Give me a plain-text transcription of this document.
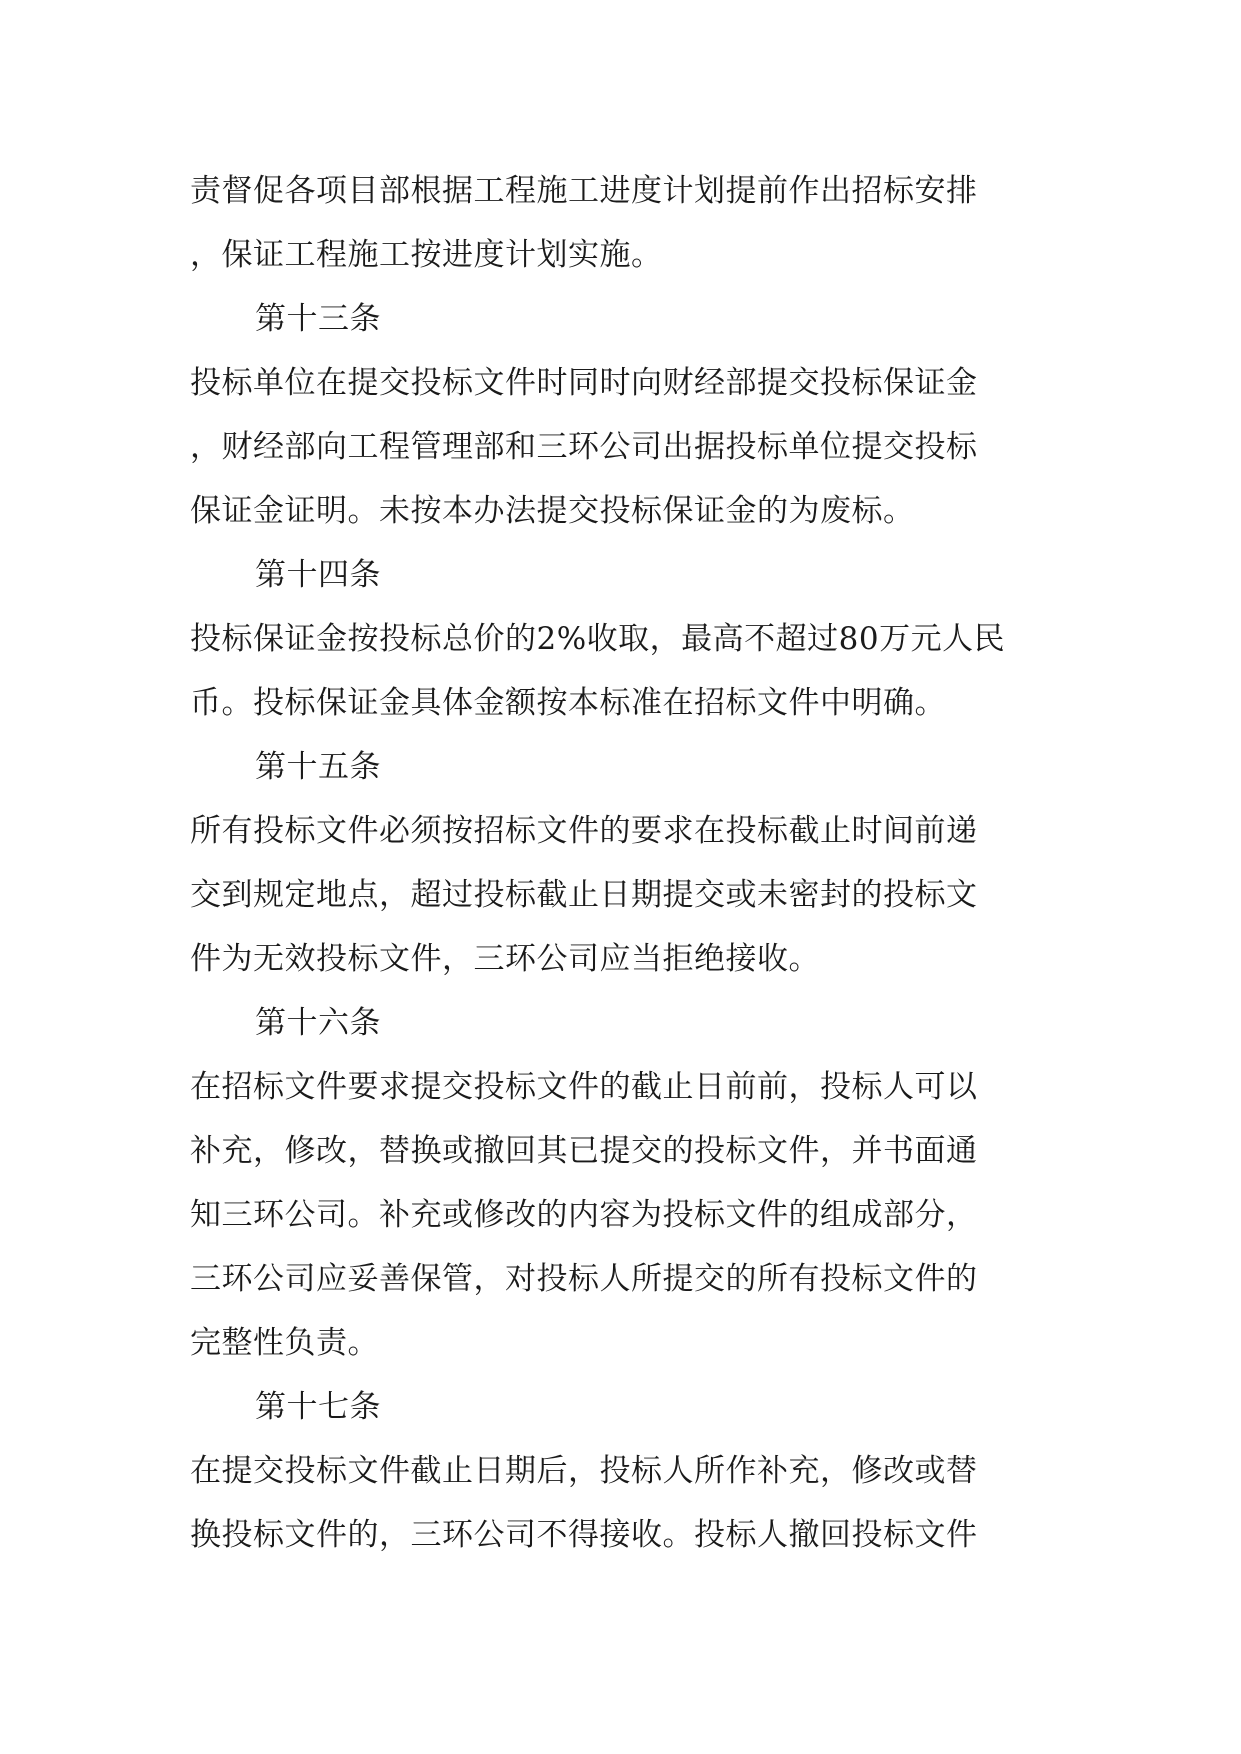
责督促各项目部根据工程施工进度计划提前作出招标安排
，保证工程施工按进度计划实施。
第十三条
投标单位在提交投标文件时同时向财经部提交投标保证金
，财经部向工程管理部和三环公司出据投标单位提交投标
保证金证明。未按本办法提交投标保证金的为废标。
第十四条
投标保证金按投标总价的2%收取，最高不超过80万元人民
币。投标保证金具体金额按本标准在招标文件中明确。
第十五条
所有投标文件必须按招标文件的要求在投标截止时间前递
交到规定地点，超过投标截止日期提交或未密封的投标文
件为无效投标文件，三环公司应当拒绝接收。
第十六条
在招标文件要求提交投标文件的截止日前前，投标人可以
补充，修改，替换或撤回其已提交的投标文件，并书面通
知三环公司。补充或修改的内容为投标文件的组成部分，
三环公司应妥善保管，对投标人所提交的所有投标文件的
完整性负责。
第十七条
在提交投标文件截止日期后，投标人所作补充，修改或替
换投标文件的，三环公司不得接收。投标人撤回投标文件
